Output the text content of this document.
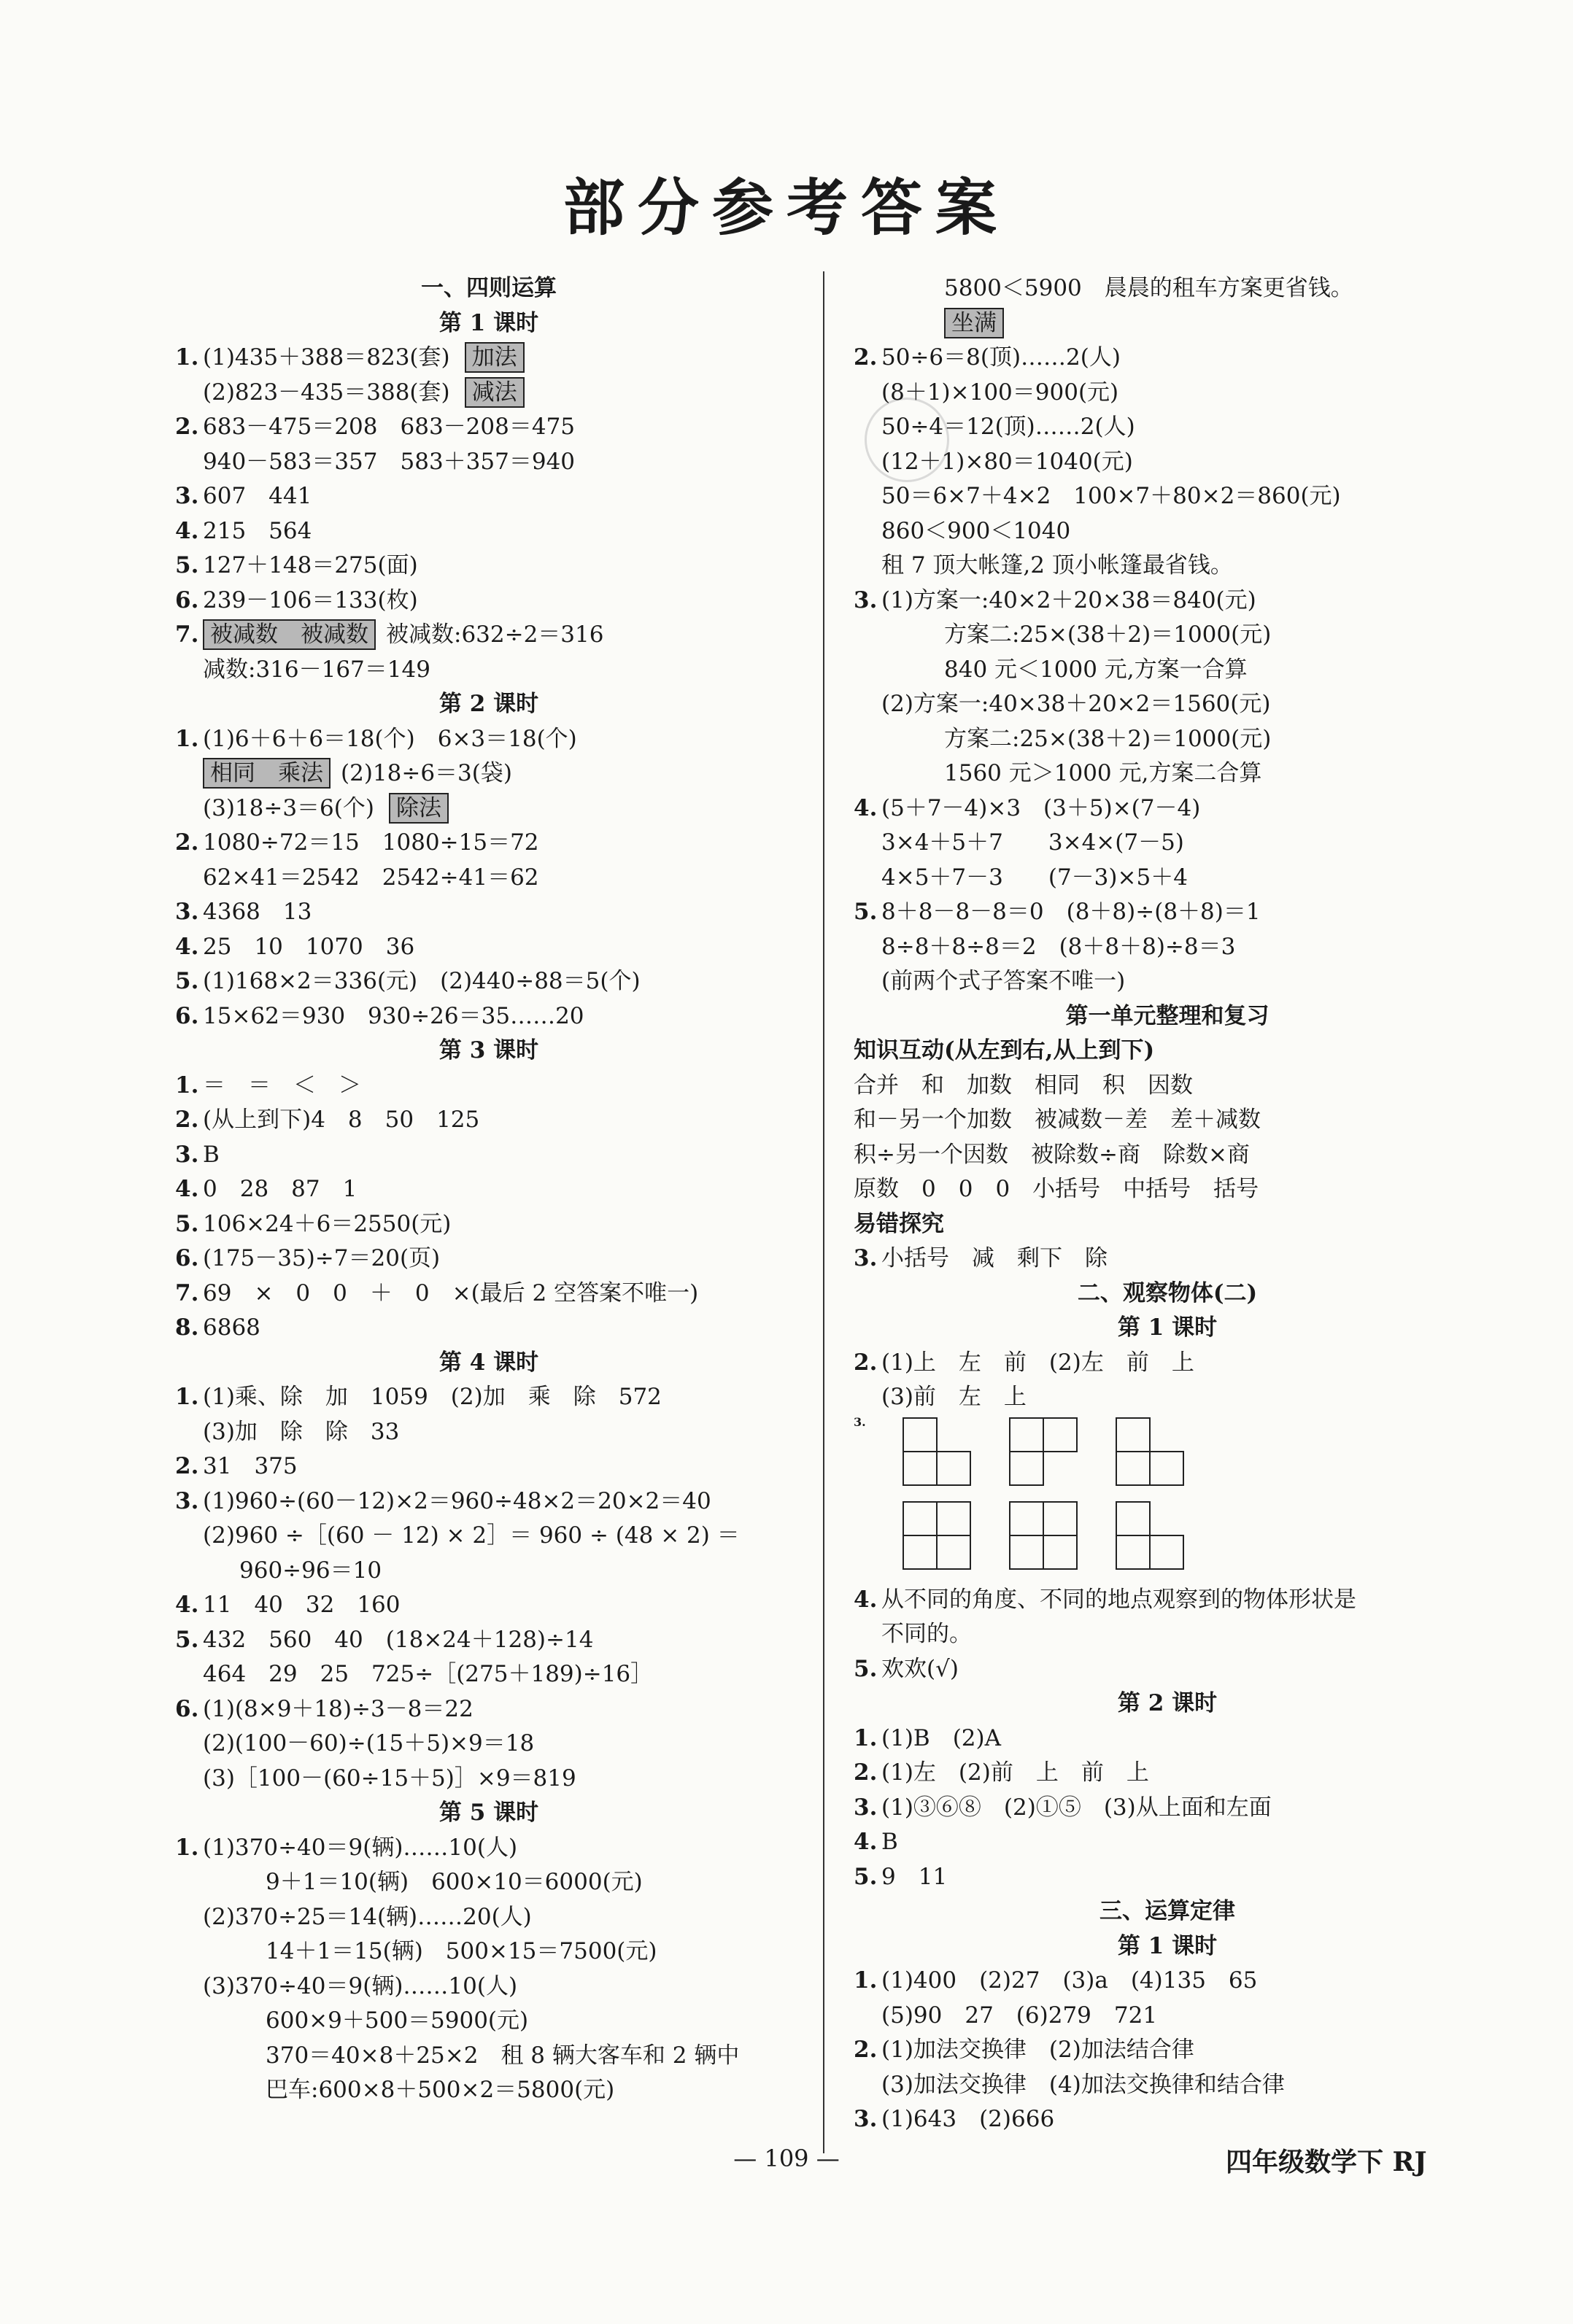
部分参考答案
一、四则运算
第 1 课时
1. (1)435＋388＝823(套) 加法
(2)823－435＝388(套) 减法
2. 683－475＝208　683－208＝475
940－583＝357　583＋357＝940
3. 607　441
4. 215　564
5. 127＋148＝275(面)
6. 239－106＝133(枚)
7. 被减数　被减数 被减数:632÷2＝316
减数:316－167＝149
第 2 课时
1. (1)6＋6＋6＝18(个)　6×3＝18(个)
相同　乘法 (2)18÷6＝3(袋)
(3)18÷3＝6(个) 除法
2. 1080÷72＝15　1080÷15＝72
62×41＝2542　2542÷41＝62
3. 4368　13
4. 25　10　1070　36
5. (1)168×2＝336(元)　(2)440÷88＝5(个)
6. 15×62＝930　930÷26＝35……20
第 3 课时
1. ＝　＝　＜　＞
2. (从上到下)4　8　50　125
3. B
4. 0　28　87　1
5. 106×24＋6＝2550(元)
6. (175－35)÷7＝20(页)
7. 69　×　0　0　＋　0　×(最后 2 空答案不唯一)
8. 6868
第 4 课时
1. (1)乘、除　加　1059　(2)加　乘　除　572
(3)加　除　除　33
2. 31　375
3. (1)960÷(60－12)×2＝960÷48×2＝20×2＝40
(2)960 ÷［(60 － 12) × 2］＝ 960 ÷ (48 × 2) ＝
960÷96＝10
4. 11　40　32　160
5. 432　560　40　(18×24＋128)÷14
464　29　25　725÷［(275＋189)÷16］
6. (1)(8×9＋18)÷3－8＝22
(2)(100－60)÷(15＋5)×9＝18
(3)［100－(60÷15＋5)］×9＝819
第 5 课时
1. (1)370÷40＝9(辆)……10(人)
9＋1＝10(辆)　600×10＝6000(元)
(2)370÷25＝14(辆)……20(人)
14＋1＝15(辆)　500×15＝7500(元)
(3)370÷40＝9(辆)……10(人)
600×9＋500＝5900(元)
370＝40×8＋25×2　租 8 辆大客车和 2 辆中
巴车:600×8＋500×2＝5800(元)
5800＜5900　晨晨的租车方案更省钱。
坐满
2. 50÷6＝8(顶)……2(人)
(8＋1)×100＝900(元)
50÷4＝12(顶)……2(人)
(12＋1)×80＝1040(元)
50＝6×7＋4×2　100×7＋80×2＝860(元)
860＜900＜1040
租 7 顶大帐篷,2 顶小帐篷最省钱。
3. (1)方案一:40×2＋20×38＝840(元)
方案二:25×(38＋2)＝1000(元)
840 元＜1000 元,方案一合算
(2)方案一:40×38＋20×2＝1560(元)
方案二:25×(38＋2)＝1000(元)
1560 元＞1000 元,方案二合算
4. (5＋7－4)×3　(3＋5)×(7－4)
3×4＋5＋7　　3×4×(7－5)
4×5＋7－3　　(7－3)×5＋4
5. 8＋8－8－8＝0　(8＋8)÷(8＋8)＝1
8÷8＋8÷8＝2　(8＋8＋8)÷8＝3
(前两个式子答案不唯一)
第一单元整理和复习
知识互动(从左到右,从上到下)
合并　和　加数　相同　积　因数
和－另一个加数　被减数－差　差＋减数
积÷另一个因数　被除数÷商　除数×商
原数　0　0　0　小括号　中括号　括号
易错探究
3. 小括号　减　剩下　除
二、观察物体(二)
第 1 课时
2. (1)上　左　前　(2)左　前　上
(3)前　左　上
3.
4. 从不同的角度、不同的地点观察到的物体形状是
不同的。
5. 欢欢(√)
第 2 课时
1. (1)B　(2)A
2. (1)左　(2)前　上　前　上
3. (1)③⑥⑧　(2)①⑤　(3)从上面和左面
4. B
5. 9　11
三、运算定律
第 1 课时
1. (1)400　(2)27　(3)a　(4)135　65
(5)90　27　(6)279　721
2. (1)加法交换律　(2)加法结合律
(3)加法交换律　(4)加法交换律和结合律
3. (1)643　(2)666
— 109 —	四年级数学下 RJ
